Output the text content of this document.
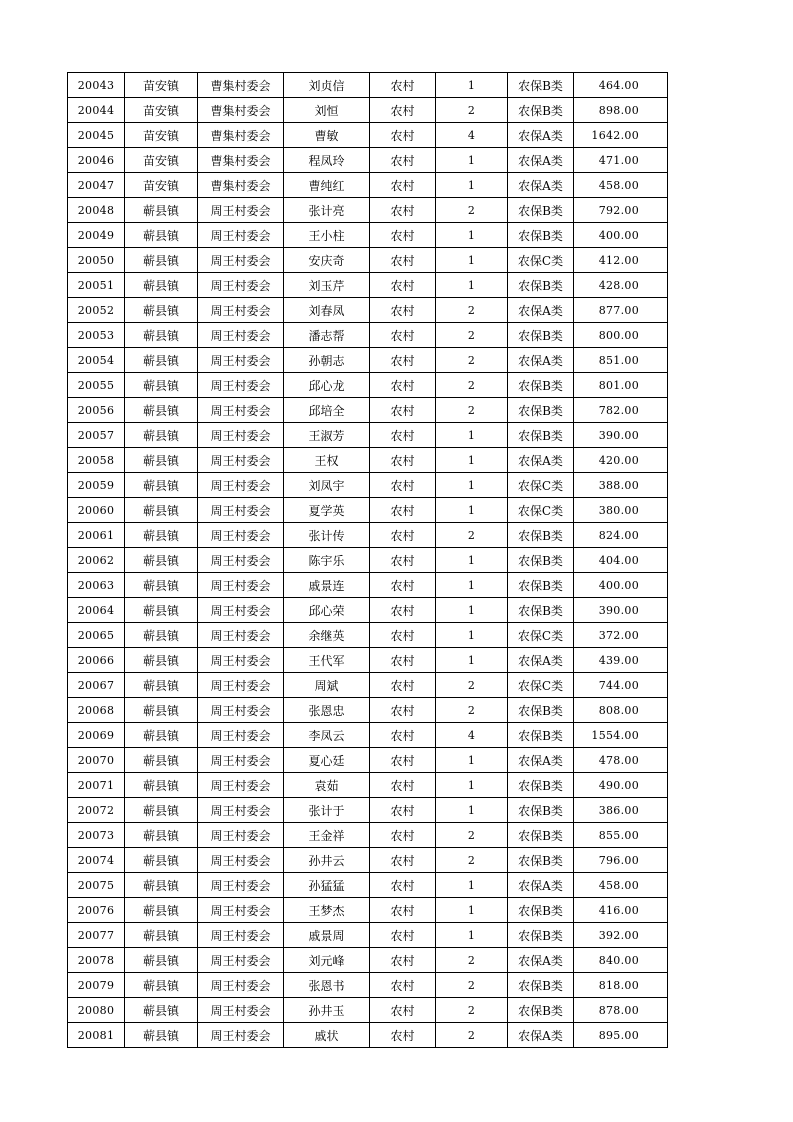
20043	苗安镇	曹集村委会	刘贞信	农村	1	农保B类	464.00
20044	苗安镇	曹集村委会	刘恒	农村	2	农保B类	898.00
20045	苗安镇	曹集村委会	曹敏	农村	4	农保A类	1642.00
20046	苗安镇	曹集村委会	程凤玲	农村	1	农保A类	471.00
20047	苗安镇	曹集村委会	曹纯红	农村	1	农保A类	458.00
20048	蕲县镇	周王村委会	张计亮	农村	2	农保B类	792.00
20049	蕲县镇	周王村委会	王小柱	农村	1	农保B类	400.00
20050	蕲县镇	周王村委会	安庆奇	农村	1	农保C类	412.00
20051	蕲县镇	周王村委会	刘玉芹	农村	1	农保B类	428.00
20052	蕲县镇	周王村委会	刘春凤	农村	2	农保A类	877.00
20053	蕲县镇	周王村委会	潘志帮	农村	2	农保B类	800.00
20054	蕲县镇	周王村委会	孙朝志	农村	2	农保A类	851.00
20055	蕲县镇	周王村委会	邱心龙	农村	2	农保B类	801.00
20056	蕲县镇	周王村委会	邱培全	农村	2	农保B类	782.00
20057	蕲县镇	周王村委会	王淑芳	农村	1	农保B类	390.00
20058	蕲县镇	周王村委会	王权	农村	1	农保A类	420.00
20059	蕲县镇	周王村委会	刘凤宇	农村	1	农保C类	388.00
20060	蕲县镇	周王村委会	夏学英	农村	1	农保C类	380.00
20061	蕲县镇	周王村委会	张计传	农村	2	农保B类	824.00
20062	蕲县镇	周王村委会	陈宇乐	农村	1	农保B类	404.00
20063	蕲县镇	周王村委会	戚景连	农村	1	农保B类	400.00
20064	蕲县镇	周王村委会	邱心荣	农村	1	农保B类	390.00
20065	蕲县镇	周王村委会	余继英	农村	1	农保C类	372.00
20066	蕲县镇	周王村委会	王代军	农村	1	农保A类	439.00
20067	蕲县镇	周王村委会	周斌	农村	2	农保C类	744.00
20068	蕲县镇	周王村委会	张恩忠	农村	2	农保B类	808.00
20069	蕲县镇	周王村委会	李凤云	农村	4	农保B类	1554.00
20070	蕲县镇	周王村委会	夏心廷	农村	1	农保A类	478.00
20071	蕲县镇	周王村委会	袁茹	农村	1	农保B类	490.00
20072	蕲县镇	周王村委会	张计于	农村	1	农保B类	386.00
20073	蕲县镇	周王村委会	王金祥	农村	2	农保B类	855.00
20074	蕲县镇	周王村委会	孙井云	农村	2	农保B类	796.00
20075	蕲县镇	周王村委会	孙猛猛	农村	1	农保A类	458.00
20076	蕲县镇	周王村委会	王梦杰	农村	1	农保B类	416.00
20077	蕲县镇	周王村委会	戚景周	农村	1	农保B类	392.00
20078	蕲县镇	周王村委会	刘元峰	农村	2	农保A类	840.00
20079	蕲县镇	周王村委会	张恩书	农村	2	农保B类	818.00
20080	蕲县镇	周王村委会	孙井玉	农村	2	农保B类	878.00
20081	蕲县镇	周王村委会	戚状	农村	2	农保A类	895.00
